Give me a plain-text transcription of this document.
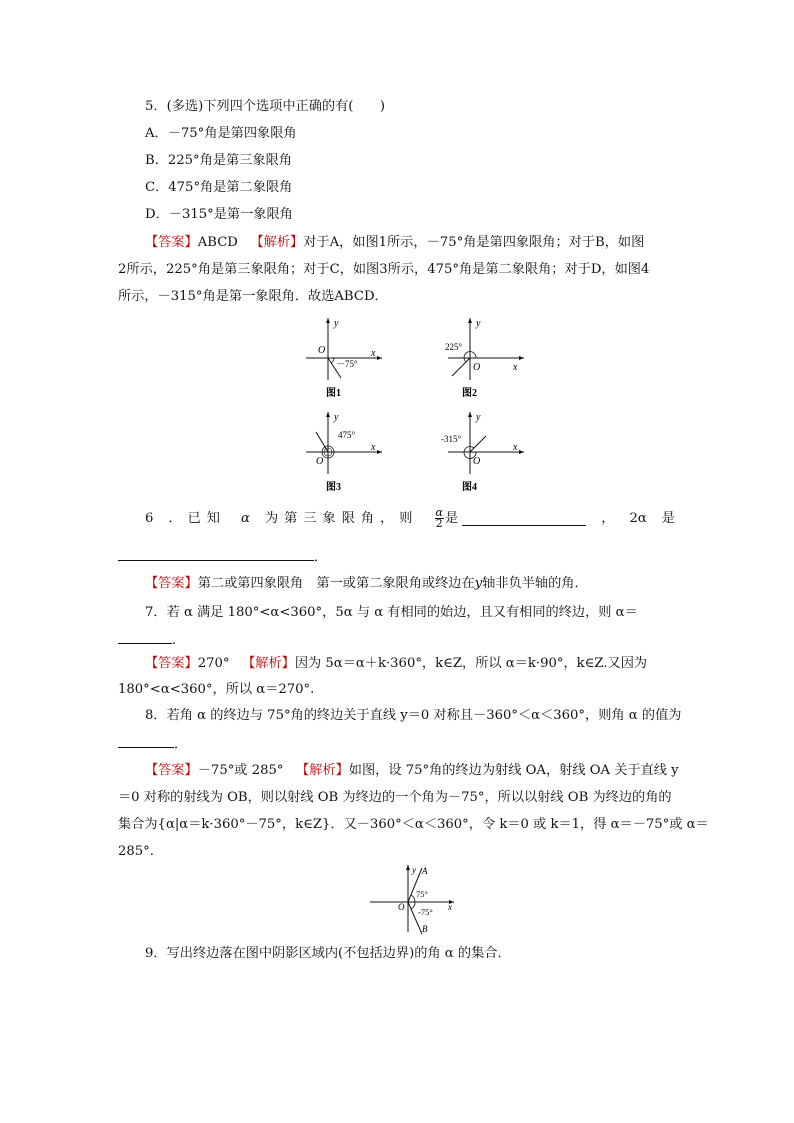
5．(多选)下列四个选项中正确的有(　　)
A．－75°角是第四象限角
B．225°角是第三象限角
C．475°角是第二象限角
D．－315°是第一象限角
【答案】ABCD 【解析】对于A，如图1所示，－75°角是第四象限角；对于B，如图
2所示，225°角是第三象限角；对于C，如图3所示，475°角是第二象限角；对于D，如图4
所示，－315°角是第一象限角．故选ABCD．
y
x
O
－75°
图1
y
x
O
225°
图2
y
x
O
475°
图3
y
x
O
-315°
图4
6 ．已知 α 为第三象限角，则 $\frac{\alpha}{2}$ 是	， 2α 是
．
【答案】第二或第四象限角　第一或第二象限角或终边在y轴非负半轴的角．
7．若 α 满足 180°<α<360°，5α 与 α 有相同的始边，且又有相同的终边，则 α＝
.
【答案】270° 【解析】因为 5α＝α＋k·360°，k∈Z，所以 α＝k·90°，k∈Z.又因为
180°<α<360°，所以 α＝270°.
8．若角 α 的终边与 75°角的终边关于直线 y＝0 对称且－360°＜α＜360°，则角 α 的值为
．
【答案】－75°或 285° 【解析】如图，设 75°角的终边为射线 OA，射线 OA 关于直线 y
＝0 对称的射线为 OB，则以射线 OB 为终边的一个角为－75°，所以以射线 OB 为终边的角的
集合为{α|α＝k·360°－75°，k∈Z}．又－360°＜α＜360°，令 k＝0 或 k＝1，得 α＝－75°或 α＝
285°.
y A
75°
O	x
-75°
B
9．写出终边落在图中阴影区域内(不包括边界)的角 α 的集合．
